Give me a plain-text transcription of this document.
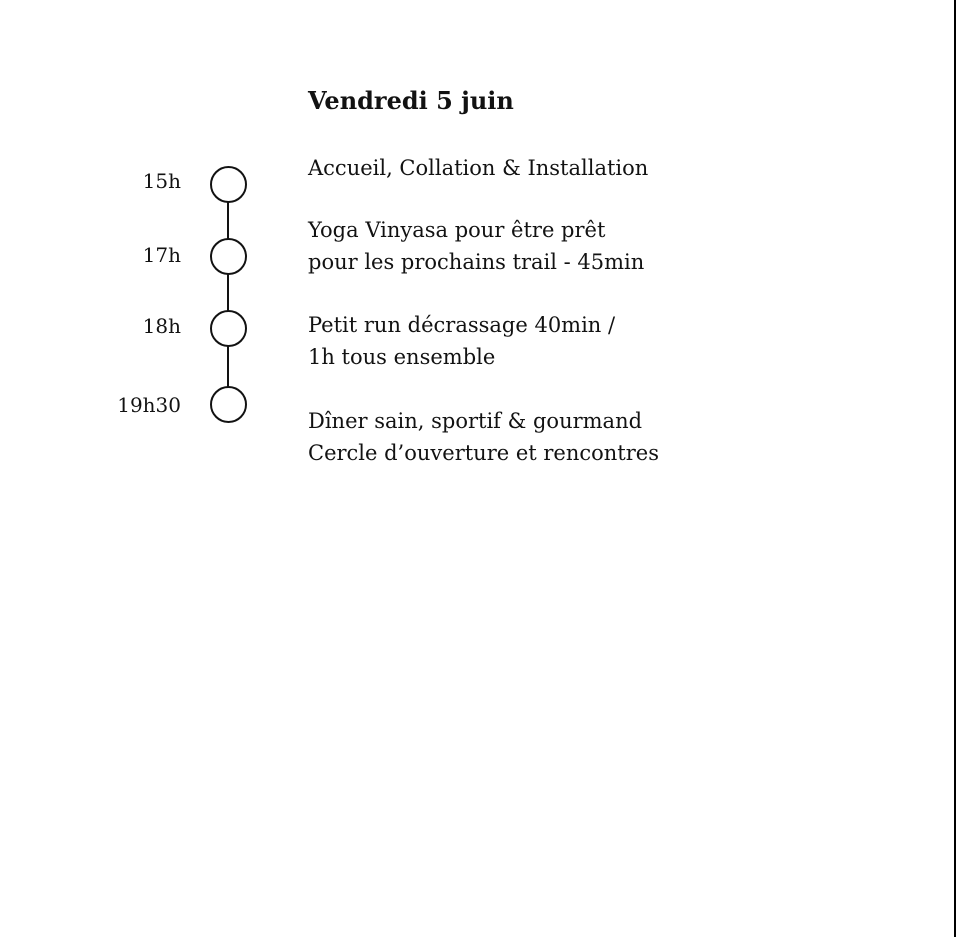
Vendredi 5 juin
15h
17h
18h
19h30
Accueil, Collation & Installation
Yoga Vinyasa pour être prêt
pour les prochains trail - 45min
Petit run décrassage 40min /
1h tous ensemble
Dîner sain, sportif & gourmand
Cercle d’ouverture et rencontres
